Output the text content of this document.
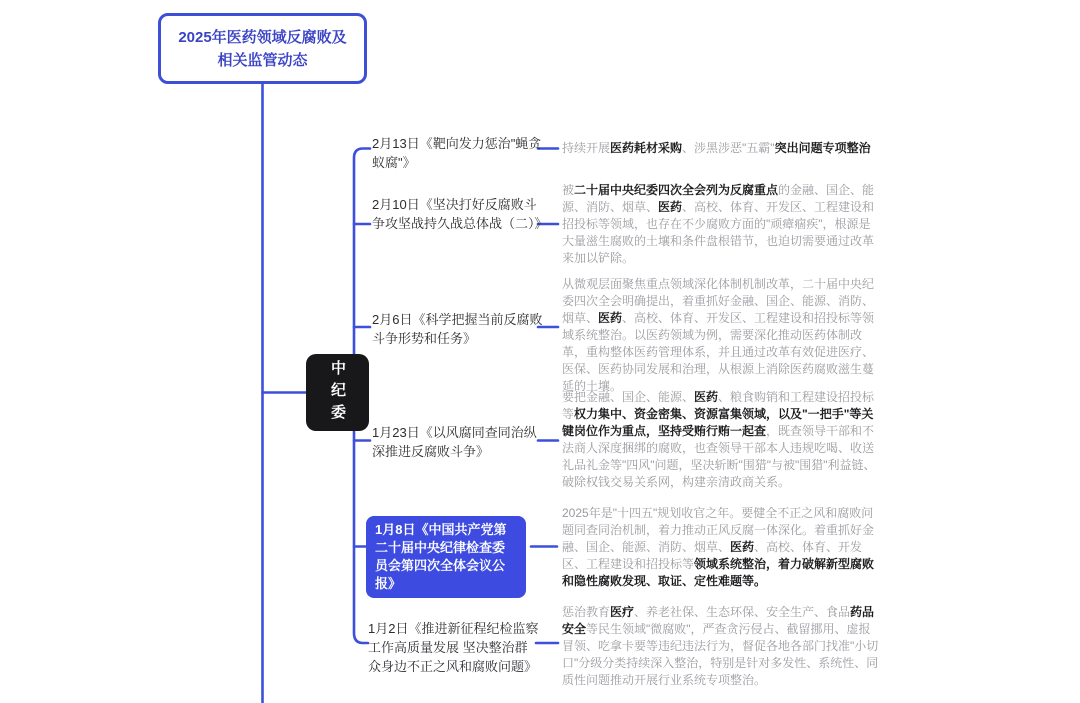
2025年医药领域反腐败及相关监管动态
中纪委
2月13日《靶向发力惩治"蝇贪蚁腐"》
2月10日《坚决打好反腐败斗争攻坚战持久战总体战（二）》
2月6日《科学把握当前反腐败斗争形势和任务》
1月23日《以风腐同查同治纵深推进反腐败斗争》
1月8日《中国共产党第二十届中央纪律检查委员会第四次全体会议公报》
1月2日《推进新征程纪检监察工作高质量发展 坚决整治群众身边不正之风和腐败问题》
持续开展医药耗材采购、涉黑涉恶"五霸"突出问题专项整治
被二十届中央纪委四次全会列为反腐重点的金融、国企、能源、消防、烟草、医药、高校、体育、开发区、工程建设和招投标等领域，也存在不少腐败方面的"顽瘴痼疾"，根源是大量滋生腐败的土壤和条件盘根错节，也迫切需要通过改革来加以铲除。
从微观层面聚焦重点领域深化体制机制改革，二十届中央纪委四次全会明确提出，着重抓好金融、国企、能源、消防、烟草、医药、高校、体育、开发区、工程建设和招投标等领域系统整治。以医药领域为例，需要深化推动医药体制改革，重构整体医药管理体系，并且通过改革有效促进医疗、医保、医药协同发展和治理，从根源上消除医药腐败滋生蔓延的土壤。
要把金融、国企、能源、医药、粮食购销和工程建设招投标等权力集中、资金密集、资源富集领域，以及"一把手"等关键岗位作为重点，坚持受贿行贿一起查，既查领导干部和不法商人深度捆绑的腐败，也查领导干部本人违规吃喝、收送礼品礼金等"四风"问题，坚决斩断"围猎"与被"围猎"利益链、破除权钱交易关系网，构建亲清政商关系。
2025年是"十四五"规划收官之年。要健全不正之风和腐败问题同查同治机制，着力推动正风反腐一体深化。着重抓好金融、国企、能源、消防、烟草、医药、高校、体育、开发区、工程建设和招投标等领域系统整治，着力破解新型腐败和隐性腐败发现、取证、定性难题等。
惩治教育医疗、养老社保、生态环保、安全生产、食品药品安全等民生领域"微腐败"，严查贪污侵占、截留挪用、虚报冒领、吃拿卡要等违纪违法行为，督促各地各部门找准"小切口"分级分类持续深入整治，特别是针对多发性、系统性、同质性问题推动开展行业系统专项整治。
